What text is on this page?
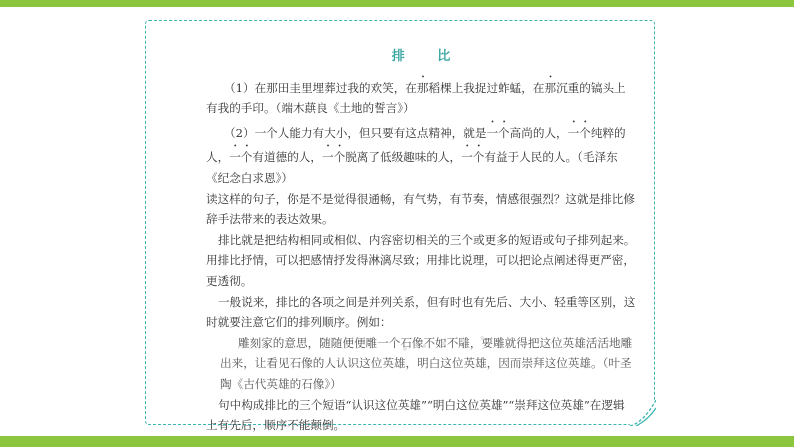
排 比

（1）在那田圭里埋葬过我的欢笑，在那稻棵上我捉过蚱蜢，在那沉重的镐头上有我的手印。（端木蕻良《土地的誓言》）

（2）一个人能力有大小，但只要有这点精神，就是一个高尚的人，一个纯粹的人，一个有道德的人，一个脱离了低级趣味的人，一个有益于人民的人。（毛泽东《纪念白求恩》）

读这样的句子，你是不是觉得很通畅，有气势，有节奏，情感很强烈？这就是排比修辞手法带来的表达效果。

排比就是把结构相同或相似、内容密切相关的三个或更多的短语或句子排列起来。用排比抒情，可以把感情抒发得淋漓尽致；用排比说理，可以把论点阐述得更严密，更透彻。

一般说来，排比的各项之间是并列关系，但有时也有先后、大小、轻重等区别，这时就要注意它们的排列顺序。例如：

雕刻家的意思，随随便便雕一个石像不如不雕，要雕就得把这位英雄活活地雕出来，让看见石像的人认识这位英雄，明白这位英雄，因而崇拜这位英雄。（叶圣陶《古代英雄的石像》）

句中构成排比的三个短语“认识这位英雄”“明白这位英雄”“崇拜这位英雄”在逻辑上有先后，顺序不能颠倒。

·····
